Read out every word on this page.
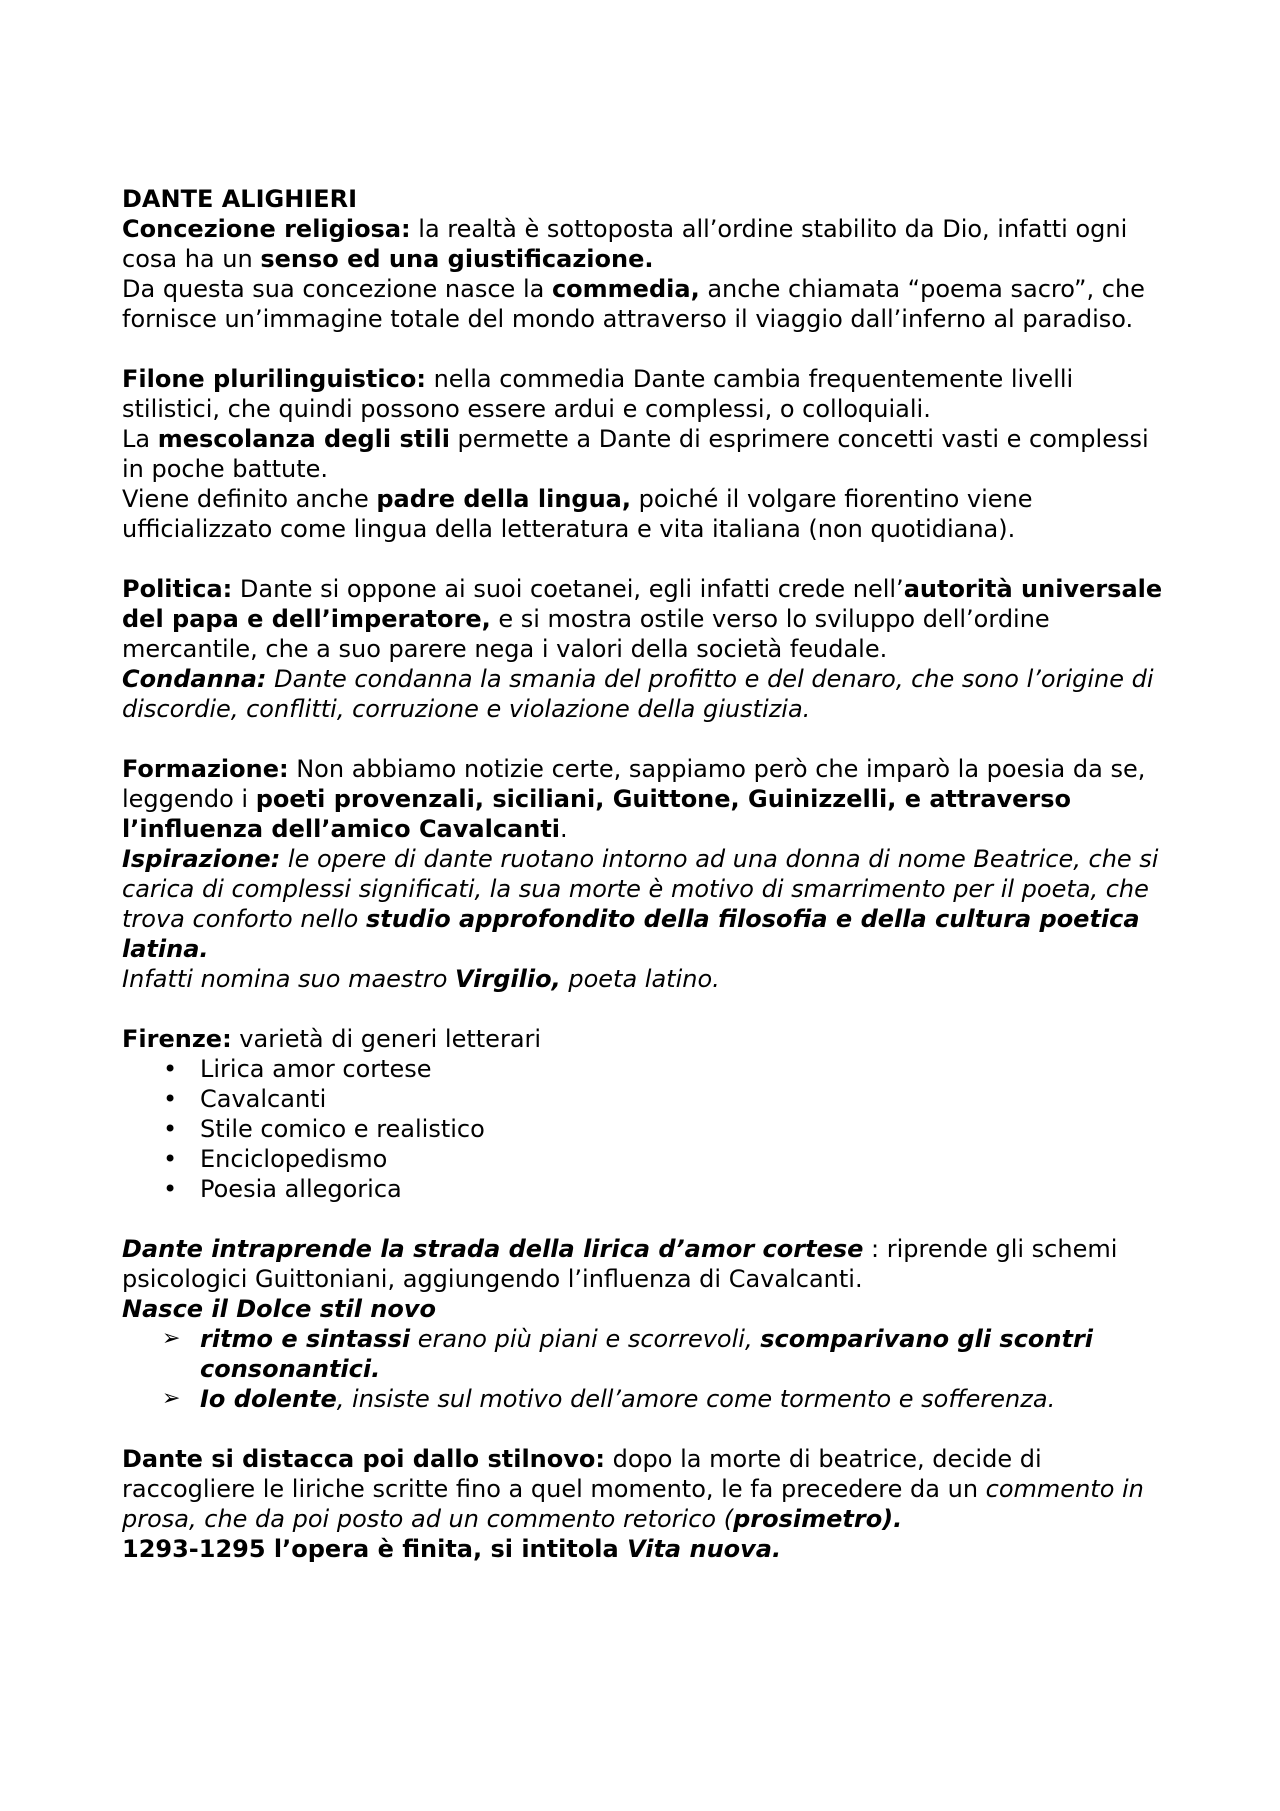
DANTE ALIGHIERI

Concezione religiosa: la realtà è sottoposta all’ordine stabilito da Dio, infatti ogni cosa ha un senso ed una giustificazione.

Da questa sua concezione nasce la commedia, anche chiamata “poema sacro”, che fornisce un’immagine totale del mondo attraverso il viaggio dall’inferno al paradiso.

Filone plurilinguistico: nella commedia Dante cambia frequentemente livelli stilistici, che quindi possono essere ardui e complessi, o colloquiali.

La mescolanza degli stili permette a Dante di esprimere concetti vasti e complessi in poche battute.

Viene definito anche padre della lingua, poiché il volgare fiorentino viene ufficializzato come lingua della letteratura e vita italiana (non quotidiana).

Politica: Dante si oppone ai suoi coetanei, egli infatti crede nell’autorità universale del papa e dell’imperatore, e si mostra ostile verso lo sviluppo dell’ordine mercantile, che a suo parere nega i valori della società feudale.

Condanna: Dante condanna la smania del profitto e del denaro, che sono l’origine di discordie, conflitti, corruzione e violazione della giustizia.

Formazione: Non abbiamo notizie certe, sappiamo però che imparò la poesia da se, leggendo i poeti provenzali, siciliani, Guittone, Guinizzelli, e attraverso l’influenza dell’amico Cavalcanti.

Ispirazione: le opere di dante ruotano intorno ad una donna di nome Beatrice, che si carica di complessi significati, la sua morte è motivo di smarrimento per il poeta, che trova conforto nello studio approfondito della filosofia e della cultura poetica latina.

Infatti nomina suo maestro Virgilio, poeta latino.

Firenze: varietà di generi letterari

• Lirica amor cortese
• Cavalcanti
• Stile comico e realistico
• Enciclopedismo
• Poesia allegorica

Dante intraprende la strada della lirica d’amor cortese : riprende gli schemi psicologici Guittoniani, aggiungendo l’influenza di Cavalcanti.

Nasce il Dolce stil novo

➢ ritmo e sintassi erano più piani e scorrevoli, scomparivano gli scontri consonantici.
➢ Io dolente, insiste sul motivo dell’amore come tormento e sofferenza.

Dante si distacca poi dallo stilnovo: dopo la morte di beatrice, decide di raccogliere le liriche scritte fino a quel momento, le fa precedere da un commento in prosa, che da poi posto ad un commento retorico (prosimetro).

1293-1295 l’opera è finita, si intitola Vita nuova.
